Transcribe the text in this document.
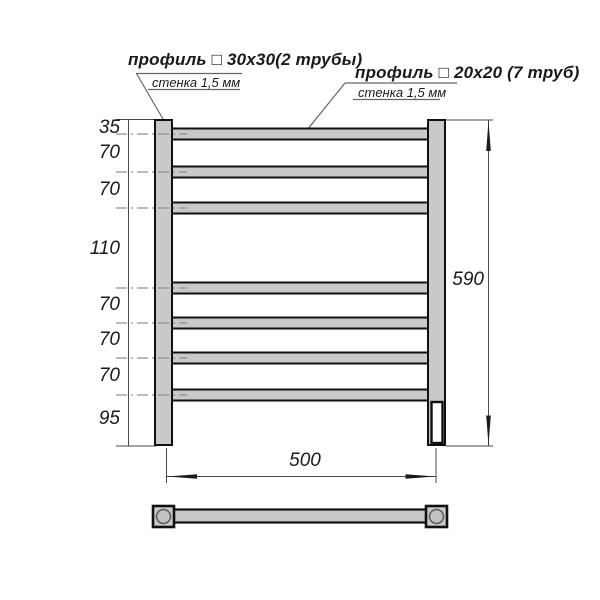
профиль □ 30x30(2 трубы)
стенка 1,5 мм
профиль □ 20x20 (7 труб)
стенка 1,5 мм
35
70
70
110
70
70
70
95
590
500
